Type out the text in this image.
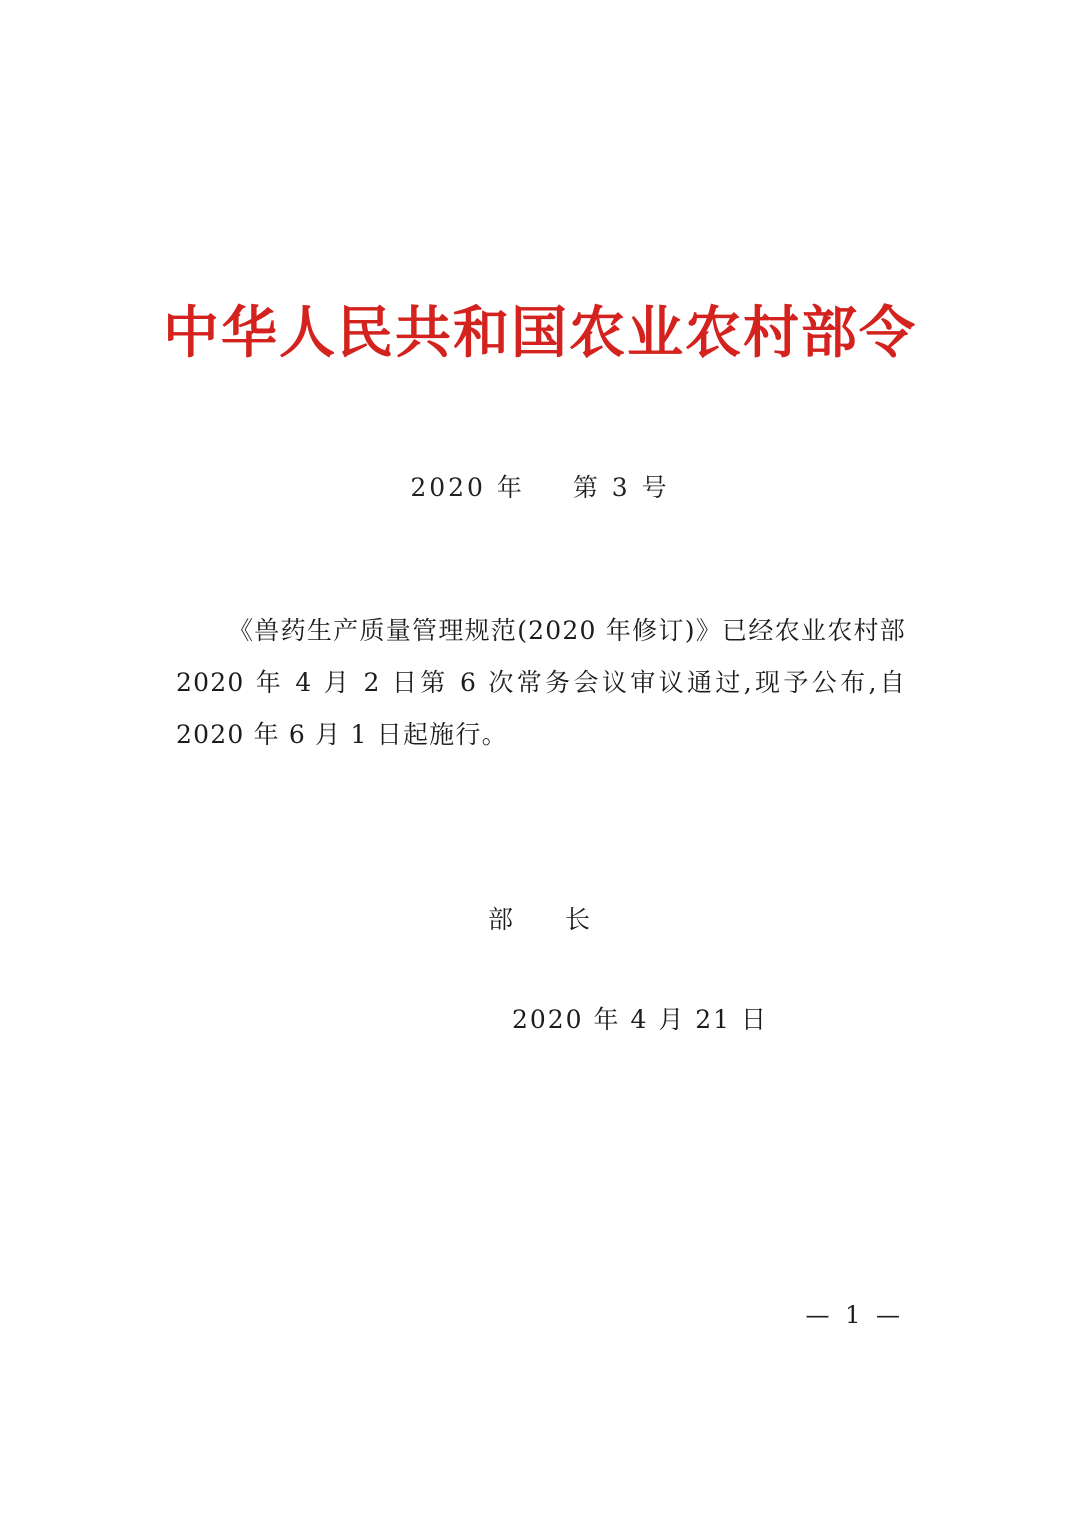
中华人民共和国农业农村部令
2020 年 第 3 号

《兽药生产质量管理规范(2020 年修订)》已经农业农村部 2020 年 4 月 2 日第 6 次常务会议审议通过,现予公布,自 2020 年 6 月 1 日起施行。

部 长
2020 年 4 月 21 日
— 1 —
